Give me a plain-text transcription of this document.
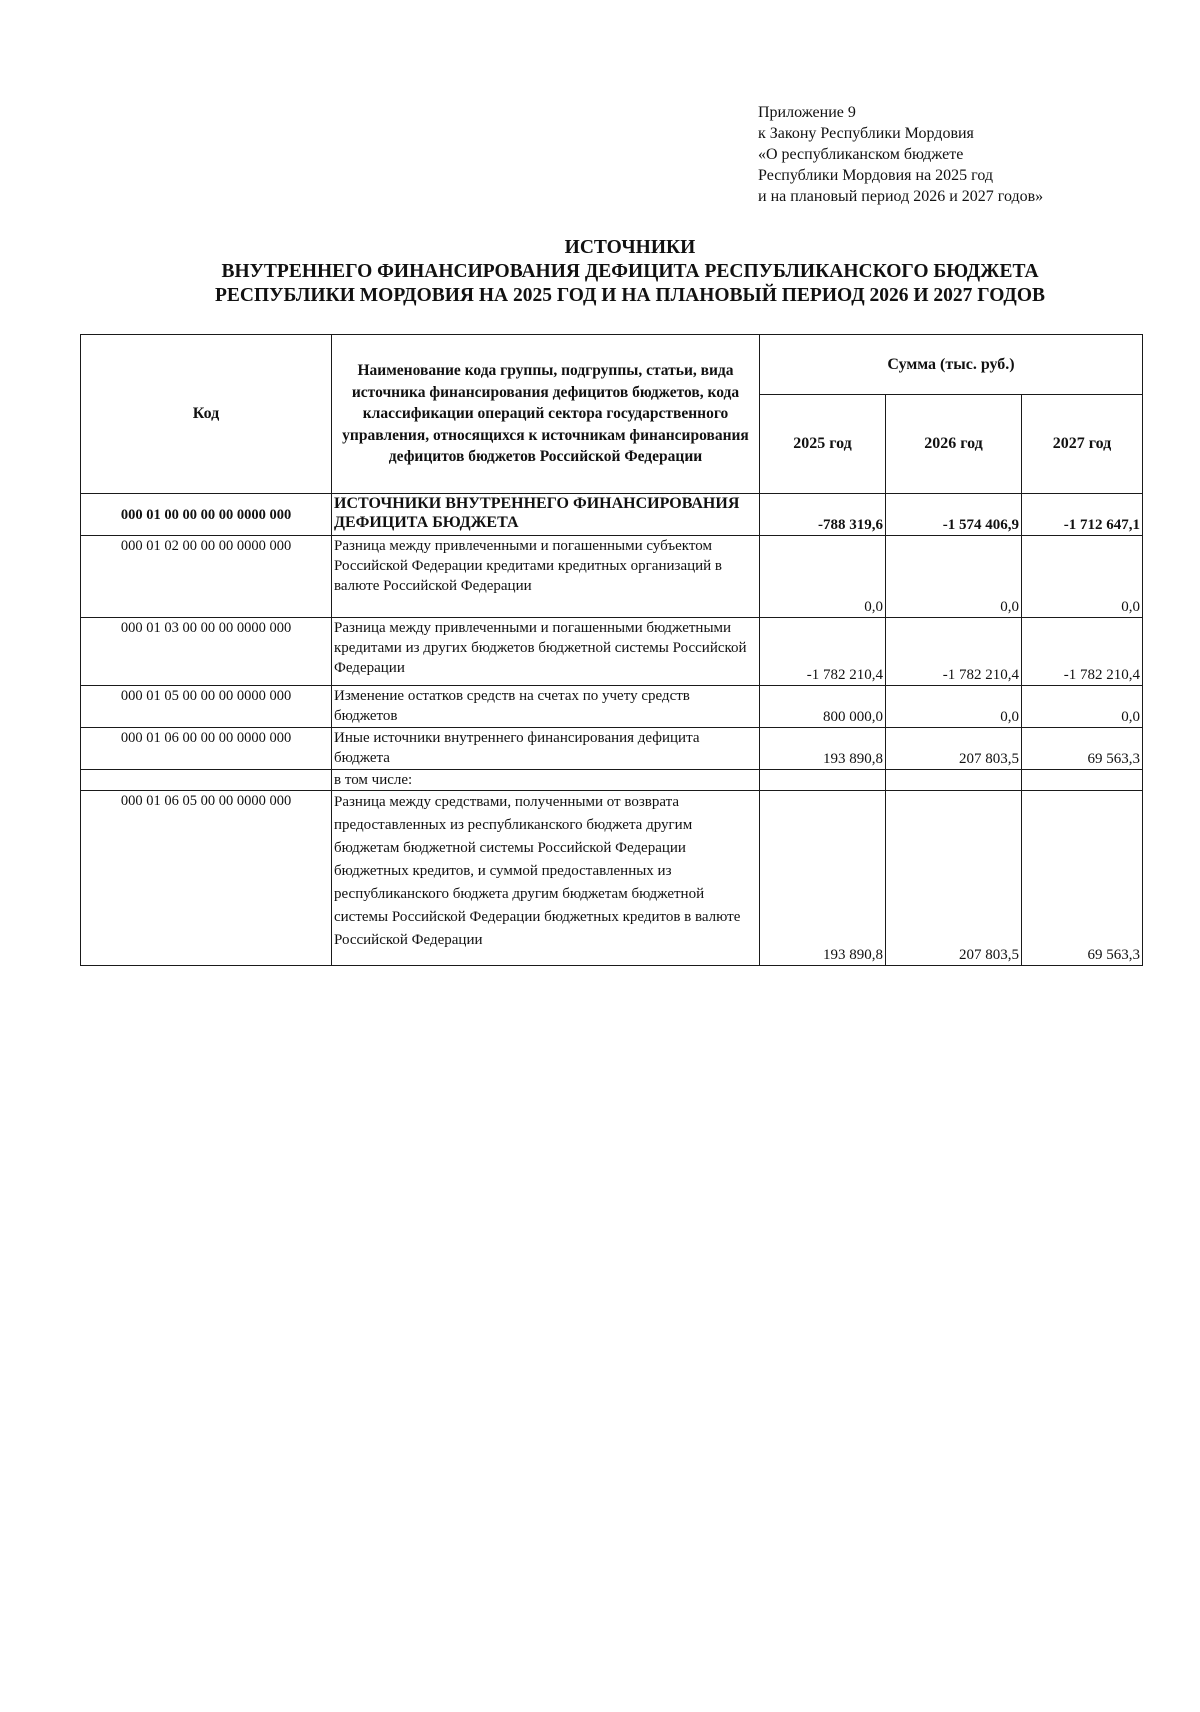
Приложение 9
к Закону Республики Мордовия
«О республиканском бюджете
Республики Мордовия на 2025 год
и на плановый период 2026 и 2027 годов»
ИСТОЧНИКИ
ВНУТРЕННЕГО ФИНАНСИРОВАНИЯ ДЕФИЦИТА РЕСПУБЛИКАНСКОГО БЮДЖЕТА
РЕСПУБЛИКИ МОРДОВИЯ НА 2025 ГОД И НА ПЛАНОВЫЙ ПЕРИОД 2026 И 2027 ГОДОВ
Код	Наименование кода группы, подгруппы, статьи, вида источника финансирования дефицитов бюджетов, кода классификации операций сектора государственного управления, относящихся к источникам финансирования дефицитов бюджетов Российской Федерации	Сумма (тыс. руб.)		
		2025 год	2026 год	2027 год
000 01 00 00 00 00 0000 000	ИСТОЧНИКИ ВНУТРЕННЕГО ФИНАНСИРОВАНИЯ ДЕФИЦИТА БЮДЖЕТА	-788 319,6	-1 574 406,9	-1 712 647,1
000 01 02 00 00 00 0000 000	Разница между привлеченными и погашенными субъектом Российской Федерации кредитами кредитных организаций в валюте Российской Федерации	0,0	0,0	0,0
000 01 03 00 00 00 0000 000	Разница между привлеченными и погашенными бюджетными кредитами из других бюджетов бюджетной системы Российской Федерации	-1 782 210,4	-1 782 210,4	-1 782 210,4
000 01 05 00 00 00 0000 000	Изменение остатков средств на счетах по учету средств бюджетов	800 000,0	0,0	0,0
000 01 06 00 00 00 0000 000	Иные источники внутреннего финансирования дефицита бюджета	193 890,8	207 803,5	69 563,3
	в том числе:			
000 01 06 05 00 00 0000 000	Разница между средствами, полученными от возврата предоставленных из республиканского бюджета другим бюджетам бюджетной системы Российской Федерации бюджетных кредитов, и суммой предоставленных из республиканского бюджета другим бюджетам бюджетной системы Российской Федерации бюджетных кредитов в валюте Российской Федерации	193 890,8	207 803,5	69 563,3
